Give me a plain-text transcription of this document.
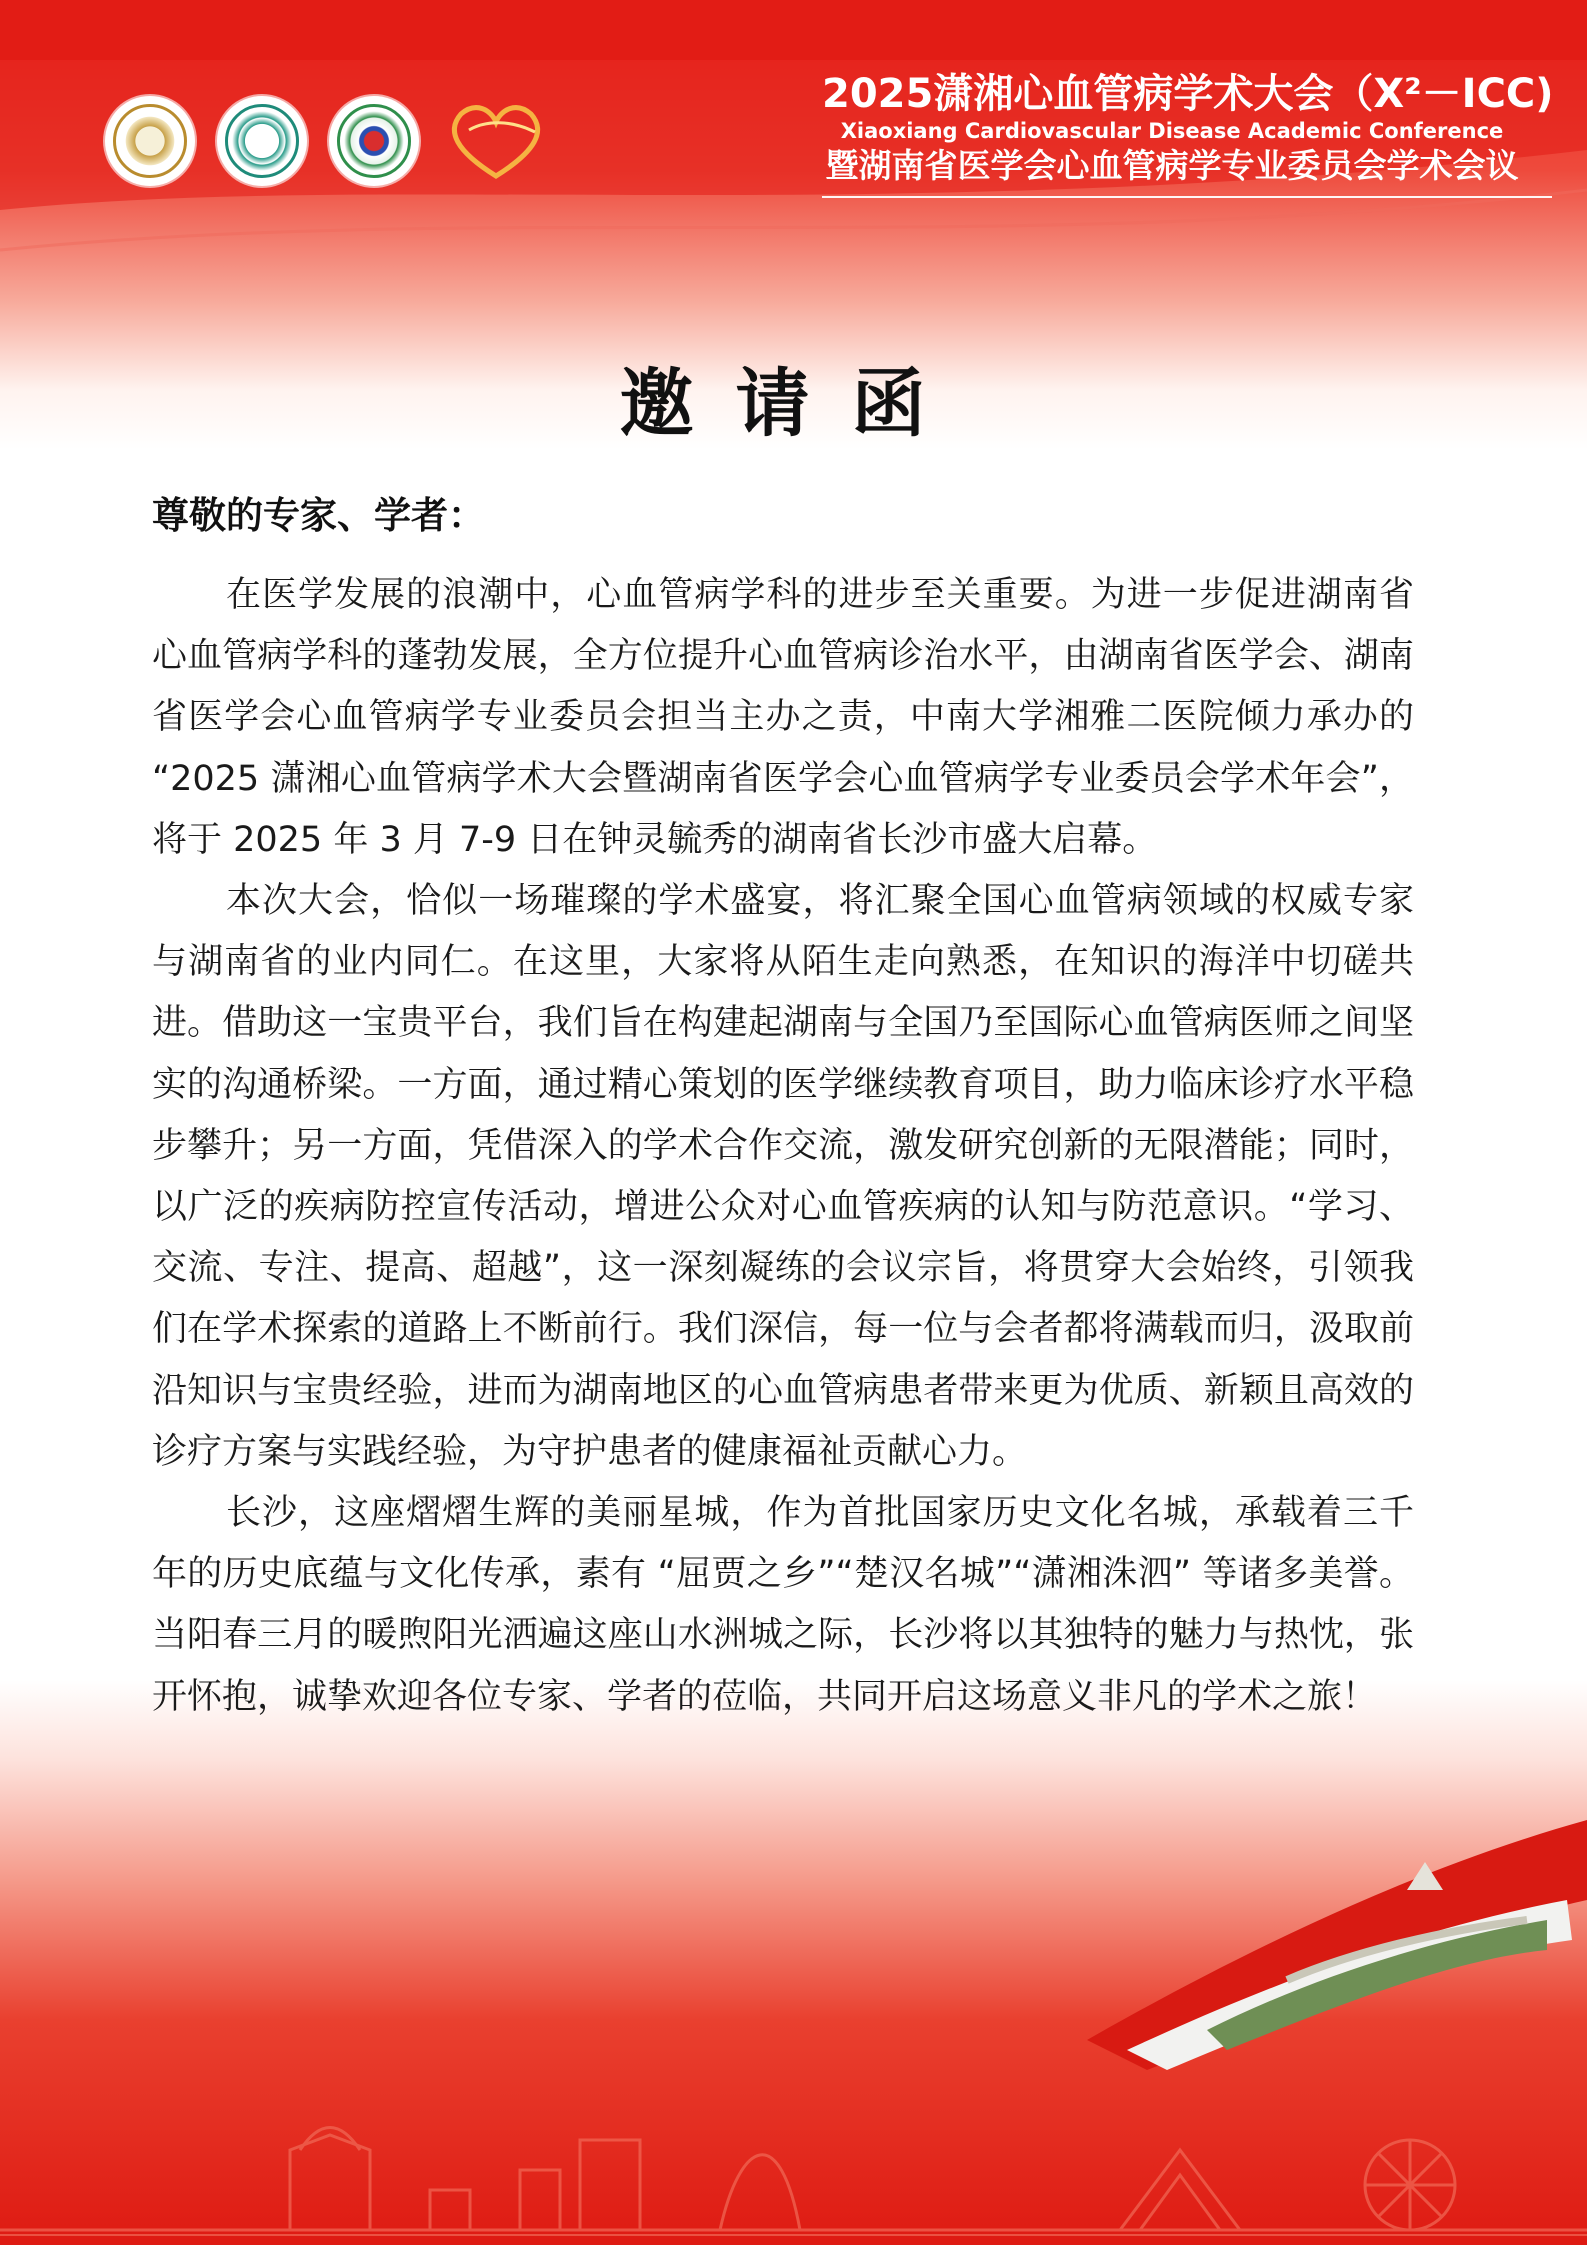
2025潇湘心血管病学术大会（X²－ICC)
Xiaoxiang Cardiovascular Disease Academic Conference
暨湖南省医学会心血管病学专业委员会学术会议
邀请函
尊敬的专家、学者：

在医学发展的浪潮中，心血管病学科的进步至关重要。为进一步促进湖南省心血管病学科的蓬勃发展，全方位提升心血管病诊治水平，由湖南省医学会、湖南省医学会心血管病学专业委员会担当主办之责，中南大学湘雅二医院倾力承办的 “2025 潇湘心血管病学术大会暨湖南省医学会心血管病学专业委员会学术年会”，将于 2025 年 3 月 7-9 日在钟灵毓秀的湖南省长沙市盛大启幕。

本次大会，恰似一场璀璨的学术盛宴，将汇聚全国心血管病领域的权威专家与湖南省的业内同仁。在这里，大家将从陌生走向熟悉，在知识的海洋中切磋共进。借助这一宝贵平台，我们旨在构建起湖南与全国乃至国际心血管病医师之间坚实的沟通桥梁。一方面，通过精心策划的医学继续教育项目，助力临床诊疗水平稳步攀升；另一方面，凭借深入的学术合作交流，激发研究创新的无限潜能；同时，以广泛的疾病防控宣传活动，增进公众对心血管疾病的认知与防范意识。“学习、交流、专注、提高、超越”，这一深刻凝练的会议宗旨，将贯穿大会始终，引领我们在学术探索的道路上不断前行。我们深信，每一位与会者都将满载而归，汲取前沿知识与宝贵经验，进而为湖南地区的心血管病患者带来更为优质、新颖且高效的诊疗方案与实践经验，为守护患者的健康福祉贡献心力。

长沙，这座熠熠生辉的美丽星城，作为首批国家历史文化名城，承载着三千年的历史底蕴与文化传承，素有 “屈贾之乡”“楚汉名城”“潇湘洙泗” 等诸多美誉。当阳春三月的暖煦阳光洒遍这座山水洲城之际，长沙将以其独特的魅力与热忱，张开怀抱，诚挚欢迎各位专家、学者的莅临，共同开启这场意义非凡的学术之旅！
